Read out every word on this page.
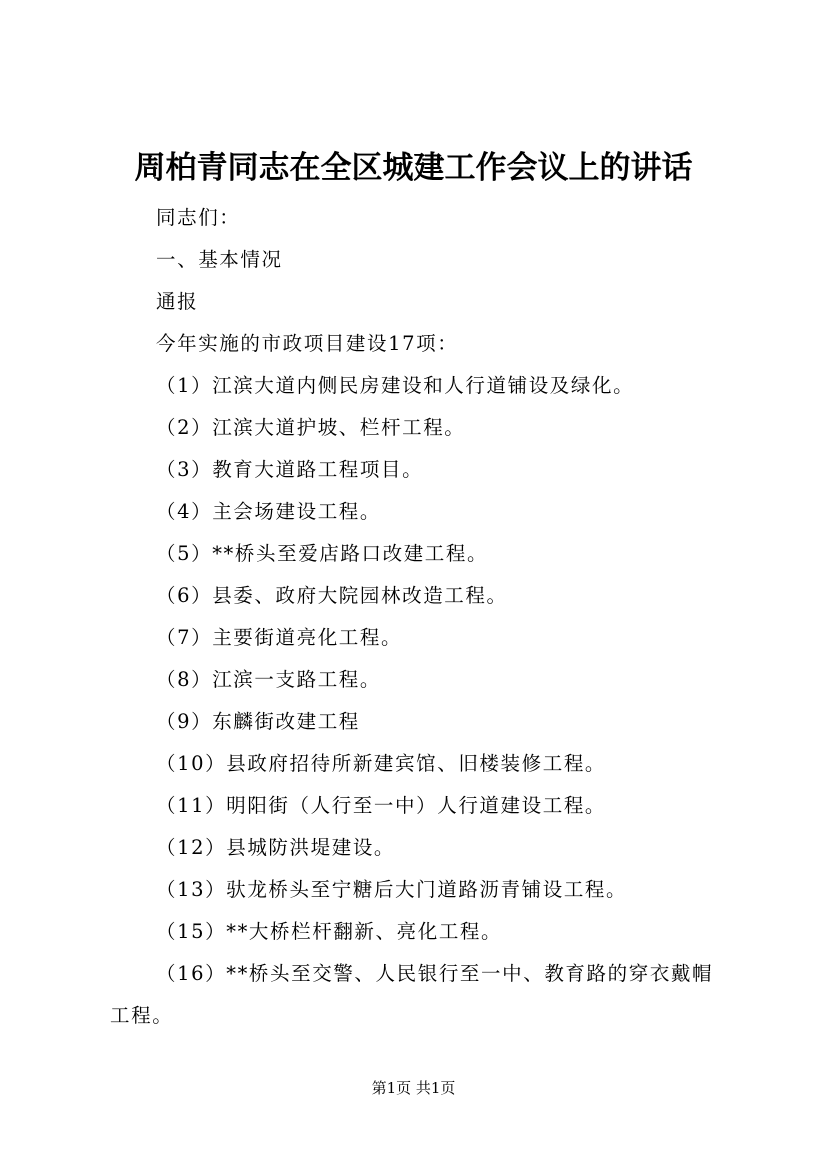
周柏青同志在全区城建工作会议上的讲话

同志们：

一、基本情况

通报

今年实施的市政项目建设17项：

（1）江滨大道内侧民房建设和人行道铺设及绿化。

（2）江滨大道护坡、栏杆工程。

（3）教育大道路工程项目。

（4）主会场建设工程。

（5）**桥头至爱店路口改建工程。

（6）县委、政府大院园林改造工程。

（7）主要街道亮化工程。

（8）江滨一支路工程。

（9）东麟街改建工程

（10）县政府招待所新建宾馆、旧楼装修工程。

（11）明阳街（人行至一中）人行道建设工程。

（12）县城防洪堤建设。

（13）驮龙桥头至宁糖后大门道路沥青铺设工程。

（15）**大桥栏杆翻新、亮化工程。

（16）**桥头至交警、人民银行至一中、教育路的穿衣戴帽工程。

第1页 共1页
